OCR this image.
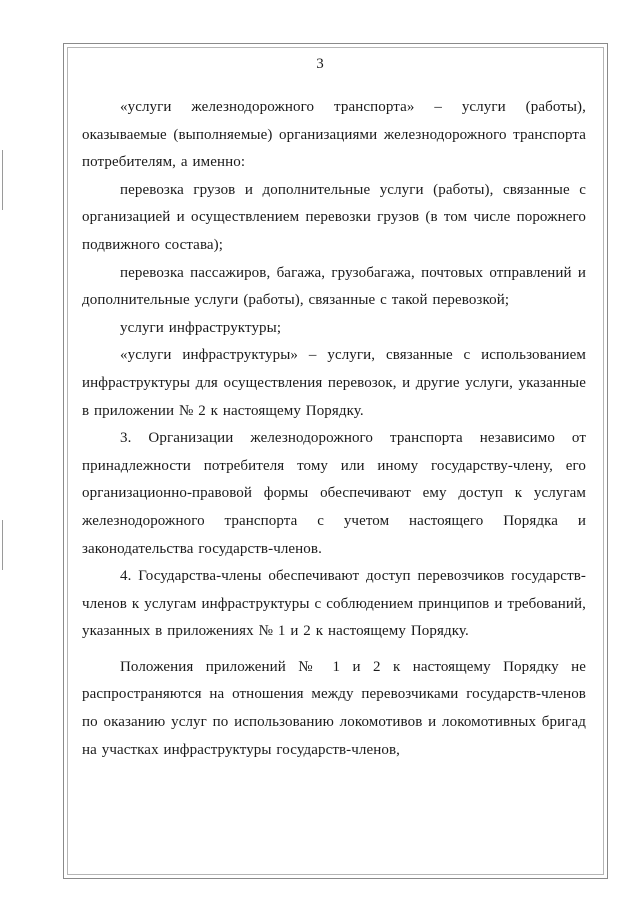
3

«услуги железнодорожного транспорта» – услуги (работы), оказываемые (выполняемые) организациями железнодорожного транспорта потребителям, а именно:

перевозка грузов и дополнительные услуги (работы), связанные с организацией и осуществлением перевозки грузов (в том числе порожнего подвижного состава);

перевозка пассажиров, багажа, грузобагажа, почтовых отправлений и дополнительные услуги (работы), связанные с такой перевозкой;

услуги инфраструктуры;

«услуги инфраструктуры» – услуги, связанные с использованием инфраструктуры для осуществления перевозок, и другие услуги, указанные в приложении № 2 к настоящему Порядку.

3. Организации железнодорожного транспорта независимо от принадлежности потребителя тому или иному государству-члену, его организационно-правовой формы обеспечивают ему доступ к услугам железнодорожного транспорта с учетом настоящего Порядка и законодательства государств-членов.

4. Государства-члены обеспечивают доступ перевозчиков государств-членов к услугам инфраструктуры с соблюдением принципов и требований, указанных в приложениях № 1 и 2 к настоящему Порядку.

Положения приложений № 1 и 2 к настоящему Порядку не распространяются на отношения между перевозчиками государств-членов по оказанию услуг по использованию локомотивов и локомотивных бригад на участках инфраструктуры государств-членов,
